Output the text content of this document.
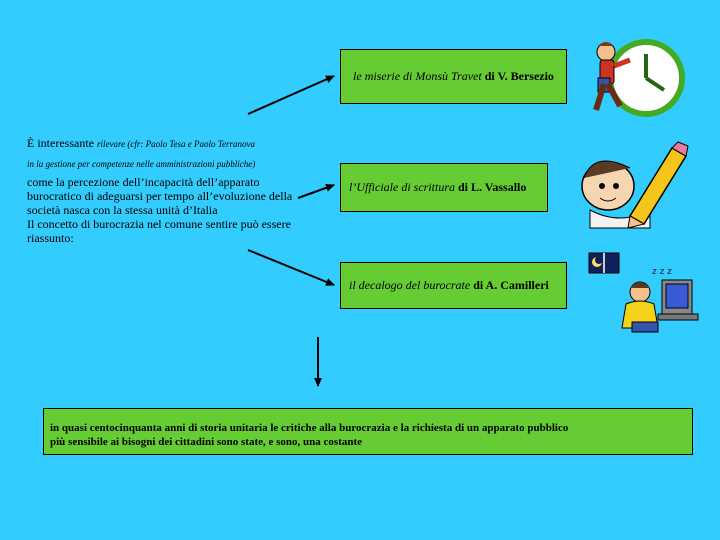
le miserie di Monsù Travet
di V. Bersezio
l’Ufficiale di scrittura
di L. Vassallo
il decalogo del burocrate
di A. Camilleri
È interessante rilevare (cfr: Paolo Tesa e Paolo Terranova
in la gestione per competenze nelle amministrazioni pubbliche)
come la percezione dell’incapacità dell’apparato
burocratico di adeguarsi per tempo all’evoluzione della
società nasca con la stessa unità d’Italia
Il concetto di burocrazia nel comune sentire può essere
riassunto:
in quasi centocinquanta anni di storia unitaria le critiche alla burocrazia e la richiesta di un apparato pubblico
più sensibile ai bisogni dei cittadini sono state, e sono, una costante
z z z
